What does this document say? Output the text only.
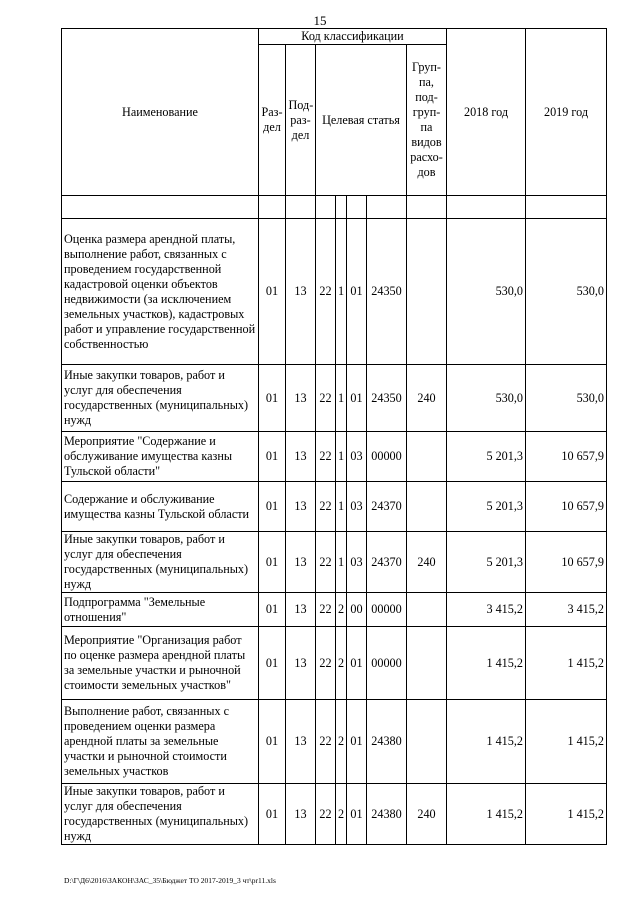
15
Наименование	Код классификации							2018 год	2019 год
	Раз-дел	Под-раз-дел	Целевая статья				Груп-па, под-груп-па видов расхо-дов		

Оценка размера арендной платы, выполнение работ, связанных с проведением государственной кадастровой оценки объектов недвижимости (за исключением земельных участков), кадастровых работ и управление государственной собственностью	01	13	22	1	01	24350		530,0	530,0
Иные закупки товаров, работ и услуг для обеспечения государственных (муниципальных) нужд	01	13	22	1	01	24350	240	530,0	530,0
Мероприятие "Содержание и обслуживание имущества казны Тульской области"	01	13	22	1	03	00000		5 201,3	10 657,9
Содержание и обслуживание имущества казны Тульской области	01	13	22	1	03	24370		5 201,3	10 657,9
Иные закупки товаров, работ и услуг для обеспечения государственных (муниципальных) нужд	01	13	22	1	03	24370	240	5 201,3	10 657,9
Подпрограмма "Земельные отношения"	01	13	22	2	00	00000		3 415,2	3 415,2
Мероприятие "Организация работ по оценке размера арендной платы за земельные участки и рыночной стоимости земельных участков"	01	13	22	2	01	00000		1 415,2	1 415,2
Выполнение работ, связанных с проведением оценки размера арендной платы за земельные участки и рыночной стоимости земельных участков	01	13	22	2	01	24380		1 415,2	1 415,2
Иные закупки товаров, работ и услуг для обеспечения государственных (муниципальных) нужд	01	13	22	2	01	24380	240	1 415,2	1 415,2
D:\Г\Д6\2016\ЗАКОН\ЗАС_35\Бюджет ТО 2017-2019_3 чт\pr11.xls
